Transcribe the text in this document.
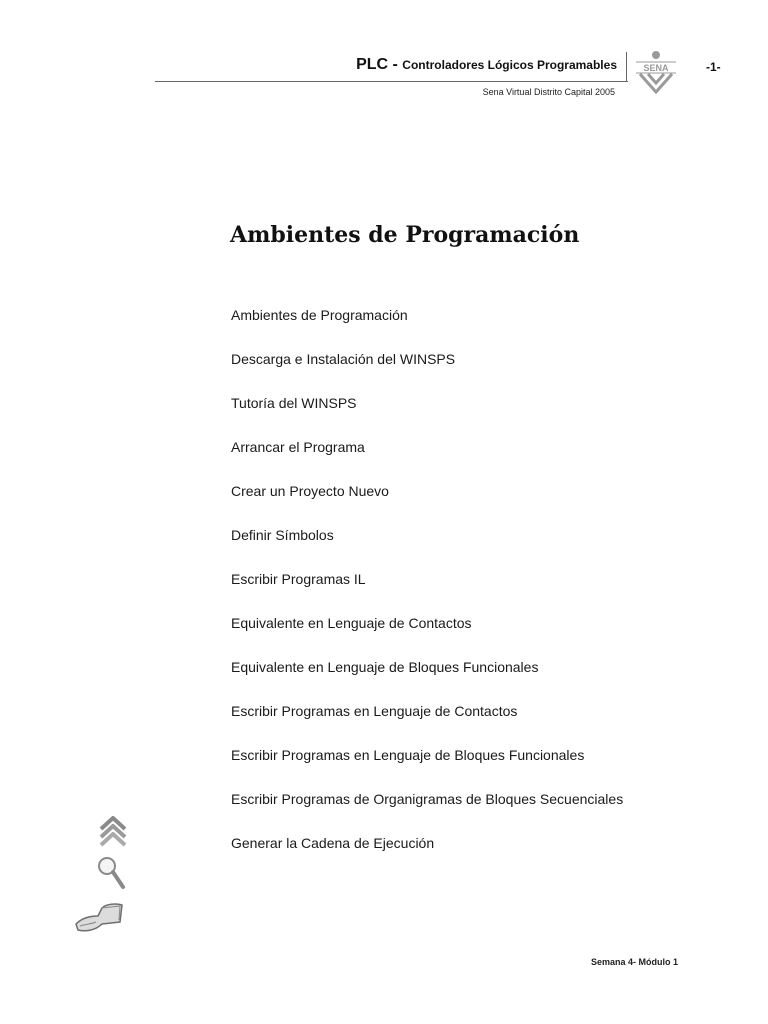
PLC - Controladores Lógicos Programables
Sena Virtual Distrito Capital 2005
SENA	-1-
Ambientes de Programación
Ambientes de Programación
Descarga e Instalación del WINSPS
Tutoría del WINSPS
Arrancar el Programa
Crear un Proyecto Nuevo
Definir Símbolos
Escribir Programas IL
Equivalente en Lenguaje de Contactos
Equivalente en Lenguaje de Bloques Funcionales
Escribir Programas en Lenguaje de Contactos
Escribir Programas en Lenguaje de Bloques Funcionales
Escribir Programas de Organigramas de Bloques Secuenciales
Generar la Cadena de Ejecución
Semana 4- Módulo 1
